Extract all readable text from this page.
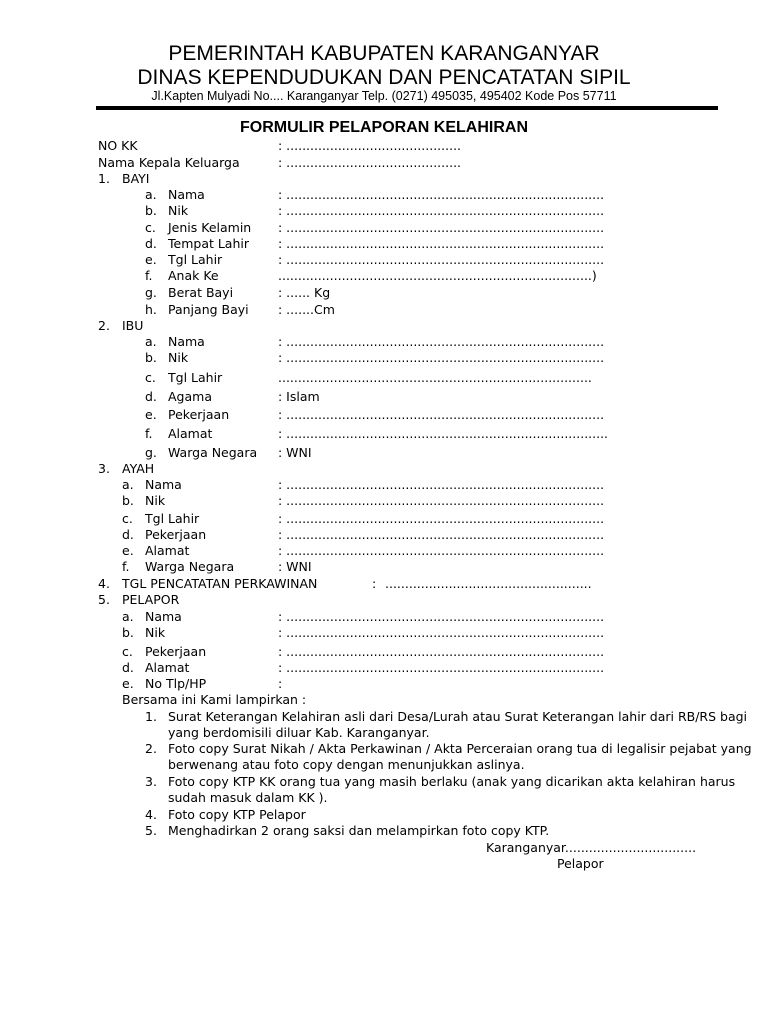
PEMERINTAH KABUPATEN KARANGANYAR
DINAS KEPENDUDUKAN DAN PENCATATAN SIPIL
Jl.Kapten Mulyadi No.... Karanganyar Telp. (0271) 495035, 495402 Kode Pos 57711
FORMULIR PELAPORAN KELAHIRAN
NO KK	: ............................................
Nama Kepala Keluarga	: ............................................
1. BAYI
a. Nama	: ................................................................................
b. Nik	: ................................................................................
c. Jenis Kelamin : ................................................................................
d. Tempat Lahir : ................................................................................
e. Tgl Lahir	: ................................................................................
f. Anak Ke	...............................................................................)
g. Berat Bayi	: ...... Kg
h. Panjang Bayi : .......Cm
2. IBU
a. Nama	: ................................................................................
b. Nik	: ................................................................................
c. Tgl Lahir	...............................................................................
d. Agama	: Islam
e. Pekerjaan	: ................................................................................
f. Alamat	: .................................................................................
g. Warga Negara : WNI
3. AYAH
a. Nama	: ................................................................................
b. Nik	: ................................................................................
c. Tgl Lahir	: ................................................................................
d. Pekerjaan	: ................................................................................
e. Alamat	: ................................................................................
f. Warga Negara	: WNI
4. TGL PENCATATAN PERKAWINAN	: ....................................................
5. PELAPOR
a. Nama	: ................................................................................
b. Nik	: ................................................................................
c. Pekerjaan	: ................................................................................
d. Alamat	: ................................................................................
e. No Tlp/HP	:
Bersama ini Kami lampirkan :
1. Surat Keterangan Kelahiran asli dari Desa/Lurah atau Surat Keterangan lahir dari RB/RS bagi
yang berdomisili diluar Kab. Karanganyar.
2. Foto copy Surat Nikah / Akta Perkawinan / Akta Perceraian orang tua di legalisir pejabat yang
berwenang atau foto copy dengan menunjukkan aslinya.
3. Foto copy KTP KK orang tua yang masih berlaku (anak yang dicarikan akta kelahiran harus
sudah masuk dalam KK ).
4. Foto copy KTP Pelapor
5. Menghadirkan 2 orang saksi dan melampirkan foto copy KTP.
Karanganyar.................................
Pelapor
